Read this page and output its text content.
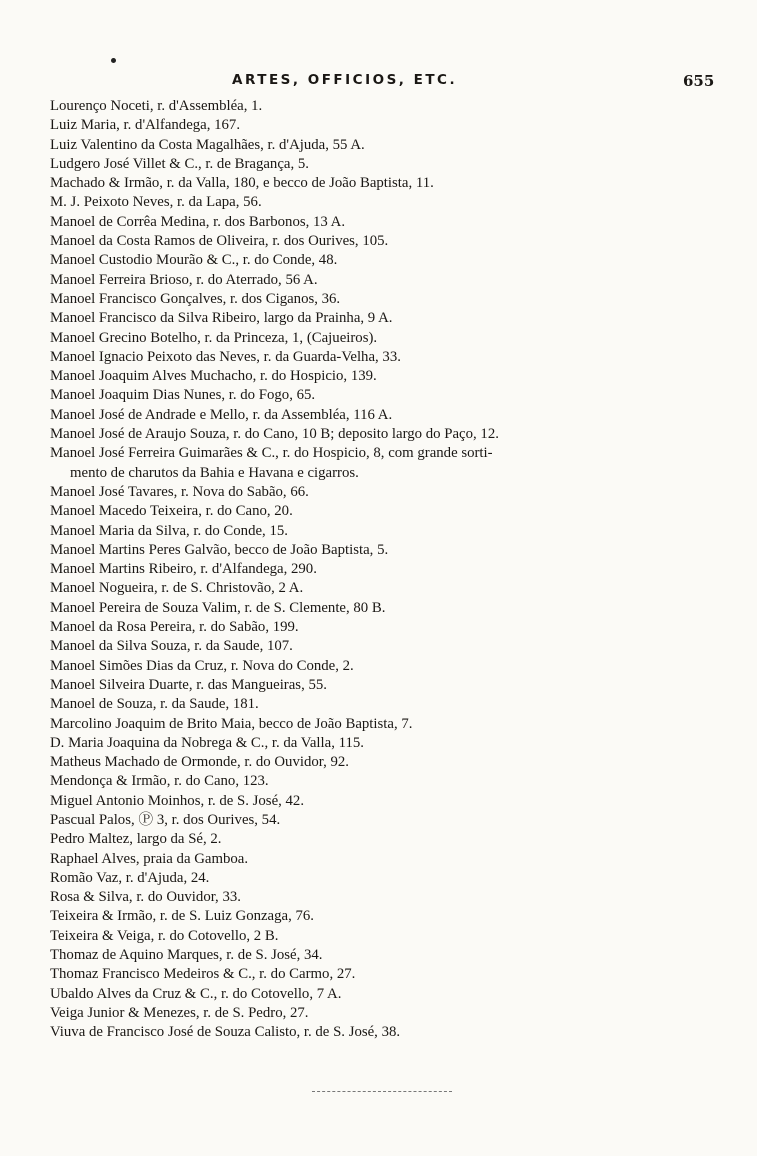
ARTES, OFFICIOS, ETC.	655
Lourenço Noceti, r. d'Assembléa, 1.
Luiz Maria, r. d'Alfandega, 167.
Luiz Valentino da Costa Magalhães, r. d'Ajuda, 55 A.
Ludgero José Villet & C., r. de Bragança, 5.
Machado & Irmão, r. da Valla, 180, e becco de João Baptista, 11.
M. J. Peixoto Neves, r. da Lapa, 56.
Manoel de Corrêa Medina, r. dos Barbonos, 13 A.
Manoel da Costa Ramos de Oliveira, r. dos Ourives, 105.
Manoel Custodio Mourão & C., r. do Conde, 48.
Manoel Ferreira Brioso, r. do Aterrado, 56 A.
Manoel Francisco Gonçalves, r. dos Ciganos, 36.
Manoel Francisco da Silva Ribeiro, largo da Prainha, 9 A.
Manoel Grecino Botelho, r. da Princeza, 1, (Cajueiros).
Manoel Ignacio Peixoto das Neves, r. da Guarda-Velha, 33.
Manoel Joaquim Alves Muchacho, r. do Hospicio, 139.
Manoel Joaquim Dias Nunes, r. do Fogo, 65.
Manoel José de Andrade e Mello, r. da Assembléa, 116 A.
Manoel José de Araujo Souza, r. do Cano, 10 B; deposito largo do Paço, 12.
Manoel José Ferreira Guimarães & C., r. do Hospicio, 8, com grande sorti-
mento de charutos da Bahia e Havana e cigarros.
Manoel José Tavares, r. Nova do Sabão, 66.
Manoel Macedo Teixeira, r. do Cano, 20.
Manoel Maria da Silva, r. do Conde, 15.
Manoel Martins Peres Galvão, becco de João Baptista, 5.
Manoel Martins Ribeiro, r. d'Alfandega, 290.
Manoel Nogueira, r. de S. Christovão, 2 A.
Manoel Pereira de Souza Valim, r. de S. Clemente, 80 B.
Manoel da Rosa Pereira, r. do Sabão, 199.
Manoel da Silva Souza, r. da Saude, 107.
Manoel Simões Dias da Cruz, r. Nova do Conde, 2.
Manoel Silveira Duarte, r. das Mangueiras, 55.
Manoel de Souza, r. da Saude, 181.
Marcolino Joaquim de Brito Maia, becco de João Baptista, 7.
D. Maria Joaquina da Nobrega & C., r. da Valla, 115.
Matheus Machado de Ormonde, r. do Ouvidor, 92.
Mendonça & Irmão, r. do Cano, 123.
Miguel Antonio Moinhos, r. de S. José, 42.
Pascual Palos, Ⓟ 3, r. dos Ourives, 54.
Pedro Maltez, largo da Sé, 2.
Raphael Alves, praia da Gamboa.
Romão Vaz, r. d'Ajuda, 24.
Rosa & Silva, r. do Ouvidor, 33.
Teixeira & Irmão, r. de S. Luiz Gonzaga, 76.
Teixeira & Veiga, r. do Cotovello, 2 B.
Thomaz de Aquino Marques, r. de S. José, 34.
Thomaz Francisco Medeiros & C., r. do Carmo, 27.
Ubaldo Alves da Cruz & C., r. do Cotovello, 7 A.
Veiga Junior & Menezes, r. de S. Pedro, 27.
Viuva de Francisco José de Souza Calisto, r. de S. José, 38.
